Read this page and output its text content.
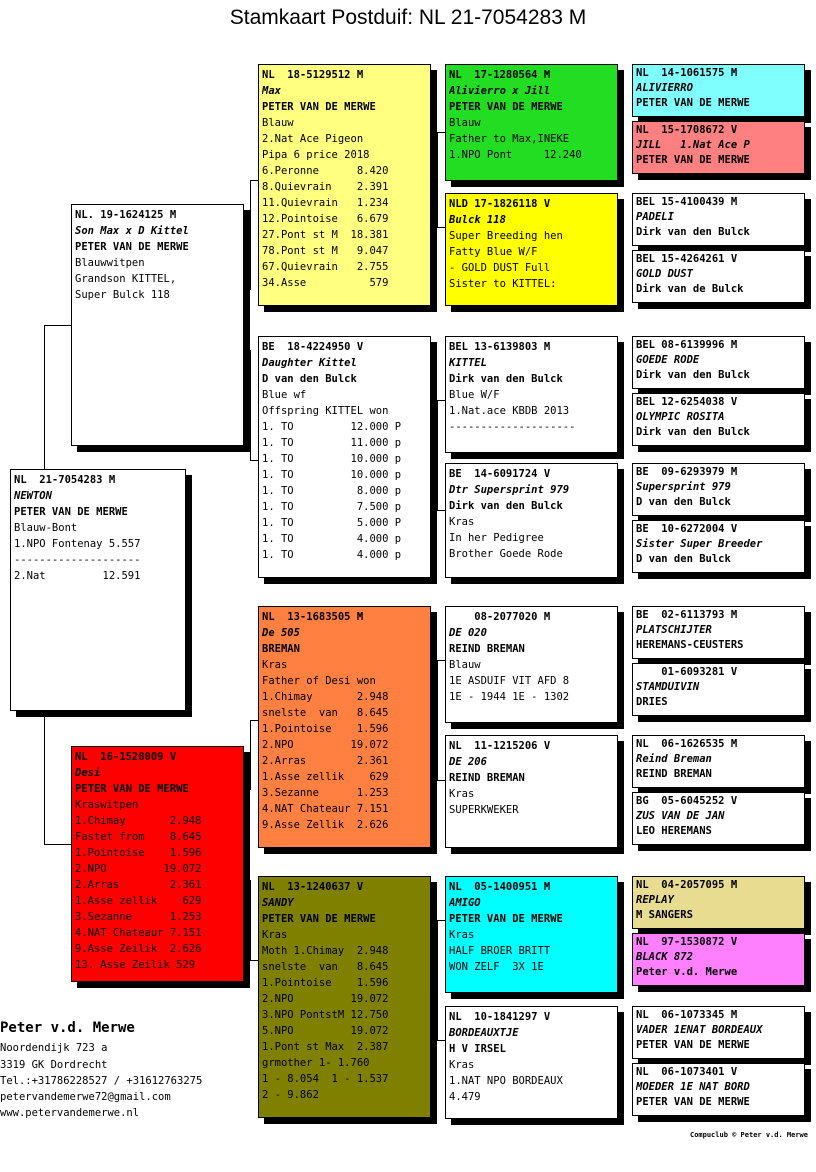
Stamkaart Postduif: NL 21-7054283 M
NL  21-7054283 M
NEWTON
PETER VAN DE MERWE
Blauw-Bont
1.NPO Fontenay 5.557
--------------------
2.Nat         12.591
NL. 19-1624125 M
Son Max x D Kittel
PETER VAN DE MERWE
Blauwwitpen
Grandson KITTEL,
Super Bulck 118
NL  16-1528009 V
Desi
PETER VAN DE MERWE
Kraswitpen
1.Chimay       2.948
Fastet from    8.645
1.Pointoise    1.596
2.NPO         19.072
2.Arras        2.361
1.Asse zellik    629
3.Sezanne      1.253
4.NAT Chateaur 7.151
9.Asse Zeilik  2.626
13. Asse Zeilik 529
NL  18-5129512 M
Max
PETER VAN DE MERWE
Blauw
2.Nat Ace Pigeon
Pipa 6 price 2018
6.Peronne      8.420
8.Quievrain    2.391
11.Quievrain   1.234
12.Pointoise   6.679
27.Pont st M  18.381
78.Pont st M   9.047
67.Quievrain   2.755
34.Asse          579
BE  18-4224950 V
Daughter Kittel
D van den Bulck
Blue wf
Offspring KITTEL won
1. TO         12.000 P
1. TO         11.000 p
1. TO         10.000 p
1. TO         10.000 p
1. TO          8.000 p
1. TO          7.500 p
1. TO          5.000 P
1. TO          4.000 p
1. TO          4.000 p
NL  13-1683505 M
De 505
BREMAN
Kras
Father of Desi won
1.Chimay       2.948
snelste  van   8.645
1.Pointoise    1.596
2.NPO         19.072
2.Arras        2.361
1.Asse zellik    629
3.Sezanne      1.253
4.NAT Chateaur 7.151
9.Asse Zellik  2.626
NL  13-1240637 V
SANDY
PETER VAN DE MERWE
Kras
Moth 1.Chimay  2.948
snelste  van   8.645
1.Pointoise    1.596
2.NPO         19.072
3.NPO PontstM 12.750
5.NPO         19.072
1.Pont st Max  2.387
grmother 1- 1.760
1 - 8.054  1 - 1.537
2 - 9.862
NL  17-1280564 M
Alivierro x Jill
PETER VAN DE MERWE
Blauw
Father to Max,INEKE
1.NPO Pont     12.240
NLD 17-1826118 V
Bulck 118
Super Breeding hen
Fatty Blue W/F
- GOLD DUST Full
Sister to KITTEL:
BEL 13-6139803 M
KITTEL
Dirk van den Bulck
Blue W/F
1.Nat.ace KBDB 2013
--------------------
BE  14-6091724 V
Dtr Supersprint 979
Dirk van den Bulck
Kras
In her Pedigree
Brother Goede Rode
08-2077020 M
DE 020
REIND BREMAN
Blauw
1E ASDUIF VIT AFD 8
1E - 1944 1E - 1302
NL  11-1215206 V
DE 206
REIND BREMAN
Kras
SUPERKWEKER
NL  05-1400951 M
AMIGO
PETER VAN DE MERWE
Kras
HALF BROER BRITT
WON ZELF  3X 1E
NL  10-1841297 V
BORDEAUXTJE
H V IRSEL
Kras
1.NAT NPO BORDEAUX
4.479
NL  14-1061575 M
ALIVIERRO
PETER VAN DE MERWE
NL  15-1708672 V
JILL   1.Nat Ace P
PETER VAN DE MERWE
BEL 15-4100439 M
PADELI
Dirk van den Bulck
BEL 15-4264261 V
GOLD DUST
Dirk van de Bulck
BEL 08-6139996 M
GOEDE RODE
Dirk van den Bulck
BEL 12-6254038 V
OLYMPIC ROSITA
Dirk van den Bulck
BE  09-6293979 M
Supersprint 979
D van den Bulck
BE  10-6272004 V
Sister Super Breeder
D van den Bulck
BE  02-6113793 M
PLATSCHIJTER
HEREMANS-CEUSTERS
01-6093281 V
STAMDUIVIN
DRIES
NL  06-1626535 M
Reind Breman
REIND BREMAN
BG  05-6045252 V
ZUS VAN DE JAN
LEO HEREMANS
NL  04-2057095 M
REPLAY
M SANGERS
NL  97-1530872 V
BLACK 872
Peter v.d. Merwe
NL  06-1073345 M
VADER 1ENAT BORDEAUX
PETER VAN DE MERWE
NL  06-1073401 V
MOEDER 1E NAT BORD
PETER VAN DE MERWE
Peter v.d. Merwe
Noordendijk 723 a
3319 GK Dordrecht
Tel.:+31786228527 / +31612763275
petervandemerwe72@gmail.com
www.petervandemerwe.nl
Compuclub © Peter v.d. Merwe
